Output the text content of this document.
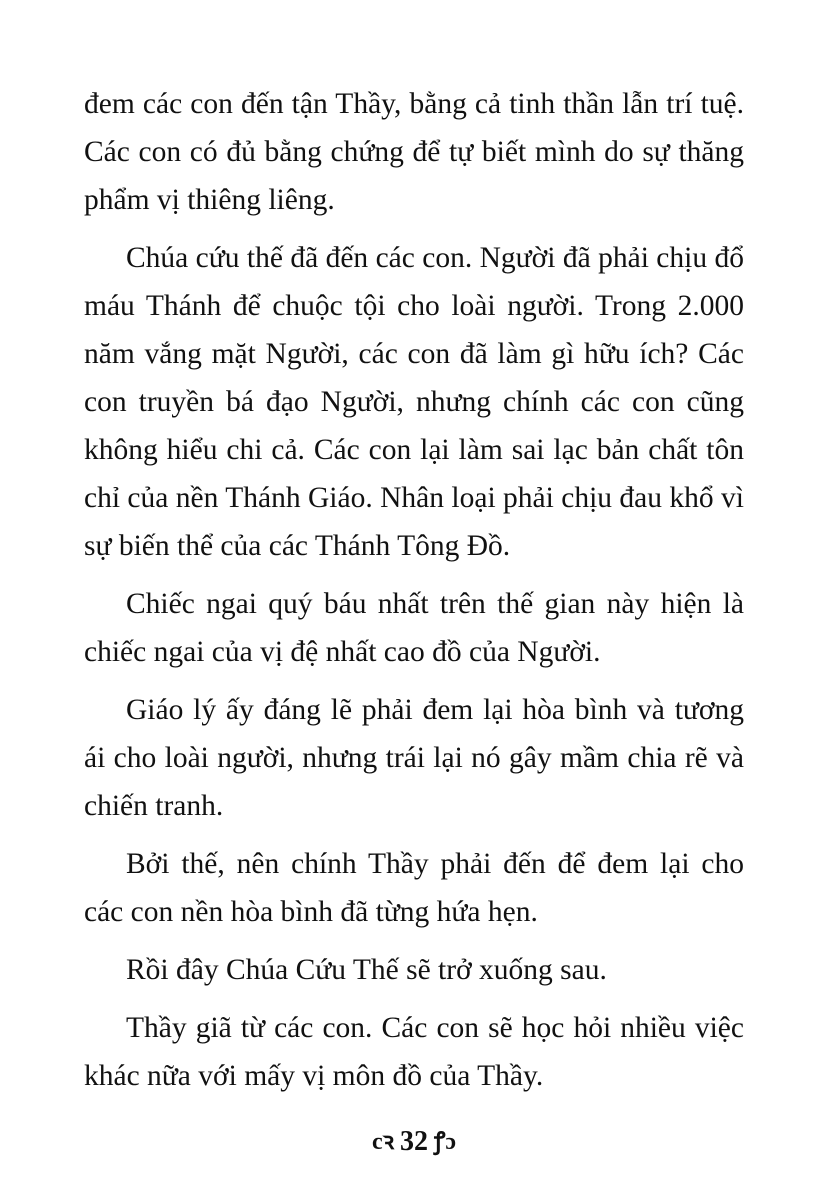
đem các con đến tận Thầy, bằng cả tinh thần lẫn trí tuệ. Các con có đủ bằng chứng để tự biết mình do sự thăng phẩm vị thiêng liêng.

Chúa cứu thế đã đến các con. Người đã phải chịu đổ máu Thánh để chuộc tội cho loài người. Trong 2.000 năm vắng mặt Người, các con đã làm gì hữu ích? Các con truyền bá đạo Người, nhưng chính các con cũng không hiểu chi cả. Các con lại làm sai lạc bản chất tôn chỉ của nền Thánh Giáo. Nhân loại phải chịu đau khổ vì sự biến thể của các Thánh Tông Đồ.

Chiếc ngai quý báu nhất trên thế gian này hiện là chiếc ngai của vị đệ nhất cao đồ của Người.

Giáo lý ấy đáng lẽ phải đem lại hòa bình và tương ái cho loài người, nhưng trái lại nó gây mầm chia rẽ và chiến tranh.

Bởi thế, nên chính Thầy phải đến để đem lại cho các con nền hòa bình đã từng hứa hẹn.

Rồi đây Chúa Cứu Thế sẽ trở xuống sau.

Thầy giã từ các con. Các con sẽ học hỏi nhiều việc khác nữa với mấy vị môn đồ của Thầy.

cꝛ 32 ꝭɔ
